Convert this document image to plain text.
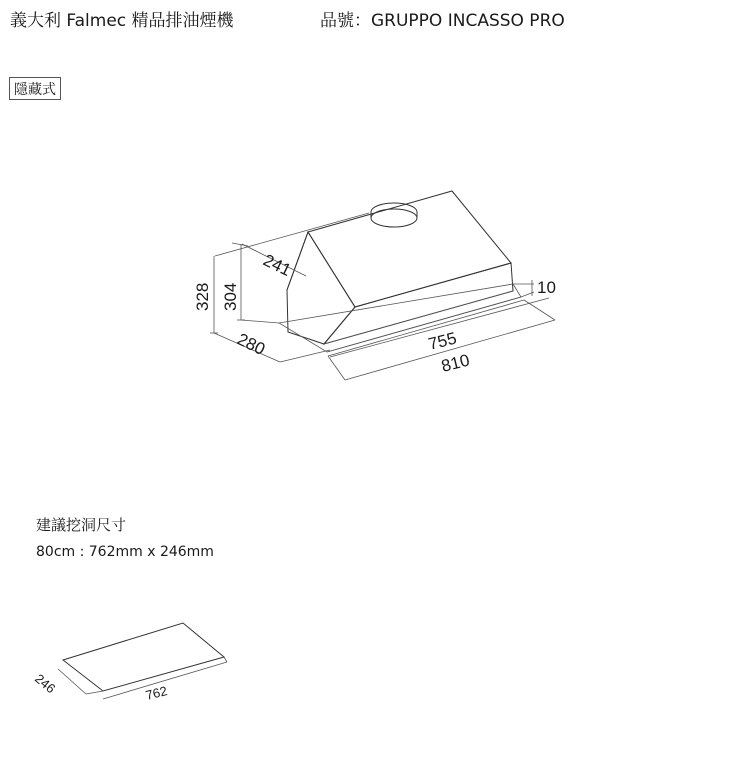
義大利 Falmec 精品排油煙機	品號：GRUPPO INCASSO PRO
隱藏式
328 304
241
280	755
810
10
246	762
建議挖洞尺寸
80cm : 762mm x 246mm
